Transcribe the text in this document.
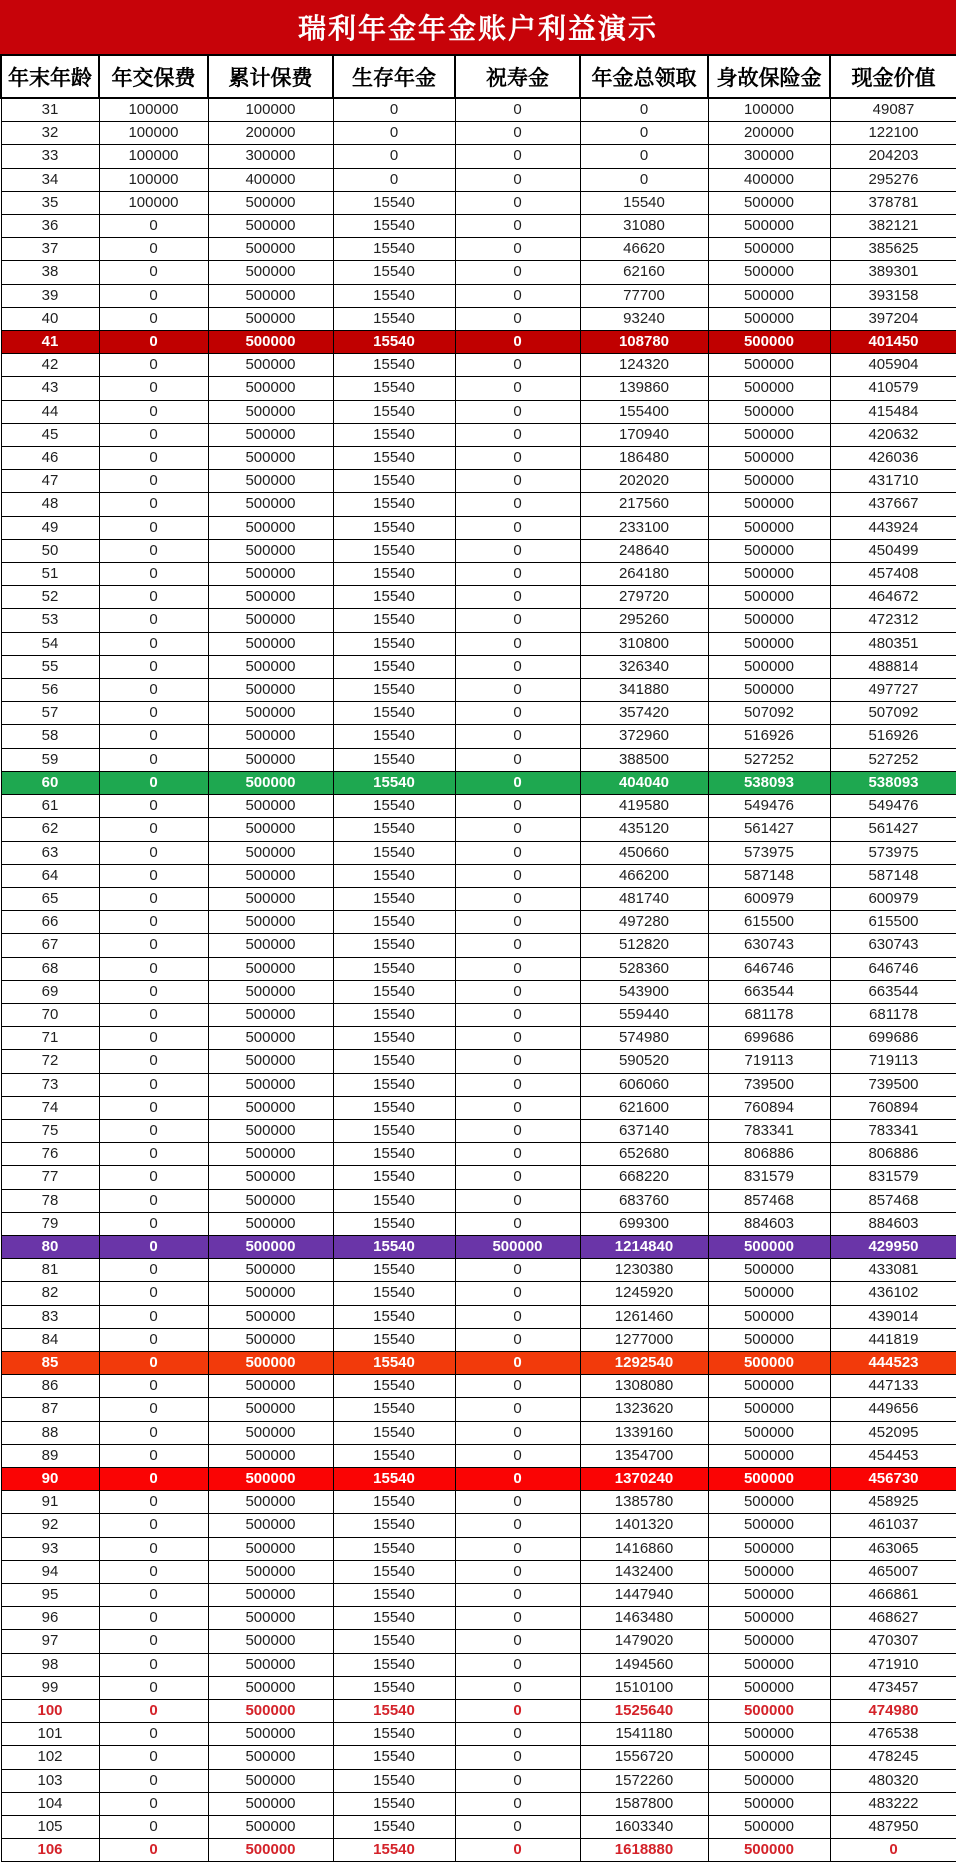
瑞利年金年金账户利益演示
年末年龄	年交保费	累计保费	生存年金	祝寿金	年金总领取	身故保险金	现金价值
31	100000	100000	0	0	0	100000	49087
32	100000	200000	0	0	0	200000	122100
33	100000	300000	0	0	0	300000	204203
34	100000	400000	0	0	0	400000	295276
35	100000	500000	15540	0	15540	500000	378781
36	0	500000	15540	0	31080	500000	382121
37	0	500000	15540	0	46620	500000	385625
38	0	500000	15540	0	62160	500000	389301
39	0	500000	15540	0	77700	500000	393158
40	0	500000	15540	0	93240	500000	397204
41	0	500000	15540	0	108780	500000	401450
42	0	500000	15540	0	124320	500000	405904
43	0	500000	15540	0	139860	500000	410579
44	0	500000	15540	0	155400	500000	415484
45	0	500000	15540	0	170940	500000	420632
46	0	500000	15540	0	186480	500000	426036
47	0	500000	15540	0	202020	500000	431710
48	0	500000	15540	0	217560	500000	437667
49	0	500000	15540	0	233100	500000	443924
50	0	500000	15540	0	248640	500000	450499
51	0	500000	15540	0	264180	500000	457408
52	0	500000	15540	0	279720	500000	464672
53	0	500000	15540	0	295260	500000	472312
54	0	500000	15540	0	310800	500000	480351
55	0	500000	15540	0	326340	500000	488814
56	0	500000	15540	0	341880	500000	497727
57	0	500000	15540	0	357420	507092	507092
58	0	500000	15540	0	372960	516926	516926
59	0	500000	15540	0	388500	527252	527252
60	0	500000	15540	0	404040	538093	538093
61	0	500000	15540	0	419580	549476	549476
62	0	500000	15540	0	435120	561427	561427
63	0	500000	15540	0	450660	573975	573975
64	0	500000	15540	0	466200	587148	587148
65	0	500000	15540	0	481740	600979	600979
66	0	500000	15540	0	497280	615500	615500
67	0	500000	15540	0	512820	630743	630743
68	0	500000	15540	0	528360	646746	646746
69	0	500000	15540	0	543900	663544	663544
70	0	500000	15540	0	559440	681178	681178
71	0	500000	15540	0	574980	699686	699686
72	0	500000	15540	0	590520	719113	719113
73	0	500000	15540	0	606060	739500	739500
74	0	500000	15540	0	621600	760894	760894
75	0	500000	15540	0	637140	783341	783341
76	0	500000	15540	0	652680	806886	806886
77	0	500000	15540	0	668220	831579	831579
78	0	500000	15540	0	683760	857468	857468
79	0	500000	15540	0	699300	884603	884603
80	0	500000	15540	500000	1214840	500000	429950
81	0	500000	15540	0	1230380	500000	433081
82	0	500000	15540	0	1245920	500000	436102
83	0	500000	15540	0	1261460	500000	439014
84	0	500000	15540	0	1277000	500000	441819
85	0	500000	15540	0	1292540	500000	444523
86	0	500000	15540	0	1308080	500000	447133
87	0	500000	15540	0	1323620	500000	449656
88	0	500000	15540	0	1339160	500000	452095
89	0	500000	15540	0	1354700	500000	454453
90	0	500000	15540	0	1370240	500000	456730
91	0	500000	15540	0	1385780	500000	458925
92	0	500000	15540	0	1401320	500000	461037
93	0	500000	15540	0	1416860	500000	463065
94	0	500000	15540	0	1432400	500000	465007
95	0	500000	15540	0	1447940	500000	466861
96	0	500000	15540	0	1463480	500000	468627
97	0	500000	15540	0	1479020	500000	470307
98	0	500000	15540	0	1494560	500000	471910
99	0	500000	15540	0	1510100	500000	473457
100	0	500000	15540	0	1525640	500000	474980
101	0	500000	15540	0	1541180	500000	476538
102	0	500000	15540	0	1556720	500000	478245
103	0	500000	15540	0	1572260	500000	480320
104	0	500000	15540	0	1587800	500000	483222
105	0	500000	15540	0	1603340	500000	487950
106	0	500000	15540	0	1618880	500000	0
